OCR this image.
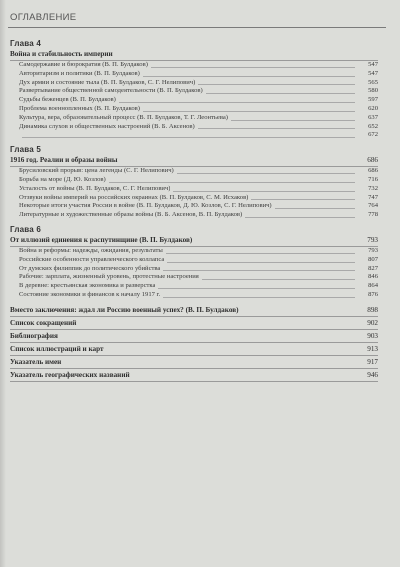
ОГЛАВЛЕНИЕ
Глава 4
Война и стабильность империи
Самодержавие и бюрократия (В. П. Булдаков)	547
Авторитаризм и политики (В. П. Булдаков)	547
Дух армии и состояние тыла (В. П. Булдаков, С. Г. Нелипович)	565
Развертывание общественной самодеятельности (В. П. Булдаков)	580
Судьбы беженцев (В. П. Булдаков)	597
Проблема военнопленных (В. П. Булдаков)	620
Культура, вера, образовательный процесс (В. П. Булдаков, Т. Г. Леонтьева)	637
Динамика слухов и общественных настроений (В. Б. Аксенов)	652
672
Глава 5
1916 год. Реалии и образы войны	686
Брусиловский прорыв: цена легенды (С. Г. Нелипович)	686
Борьба на море (Д. Ю. Козлов)	716
Усталость от войны (В. П. Булдаков, С. Г. Нелипович)	732
Отзвуки войны империй на российских окраинах (В. П. Булдаков, С. М. Исхаков)	747
Некоторые итоги участия России в войне (В. П. Булдаков, Д. Ю. Козлов, С. Г. Нелипович)	764
Литературные и художественные образы войны (В. Б. Аксенов, В. П. Булдаков)	778
Глава 6
От иллюзий единения к распутинщине (В. П. Булдаков)	793
Война и реформы: надежды, ожидания, результаты	793
Российские особенности управленческого коллапса	807
От думских филиппик до политического убийства	827
Рабочие: зарплата, жизненный уровень, протестные настроения	846
В деревне: крестьянская экономика и разверстка	864
Состояние экономики и финансов к началу 1917 г.	876
Вместо заключения: ждал ли Россию военный успех? (В. П. Булдаков)	898
Список сокращений	902
Библиография	903
Список иллюстраций и карт	913
Указатель имен	917
Указатель географических названий	946
